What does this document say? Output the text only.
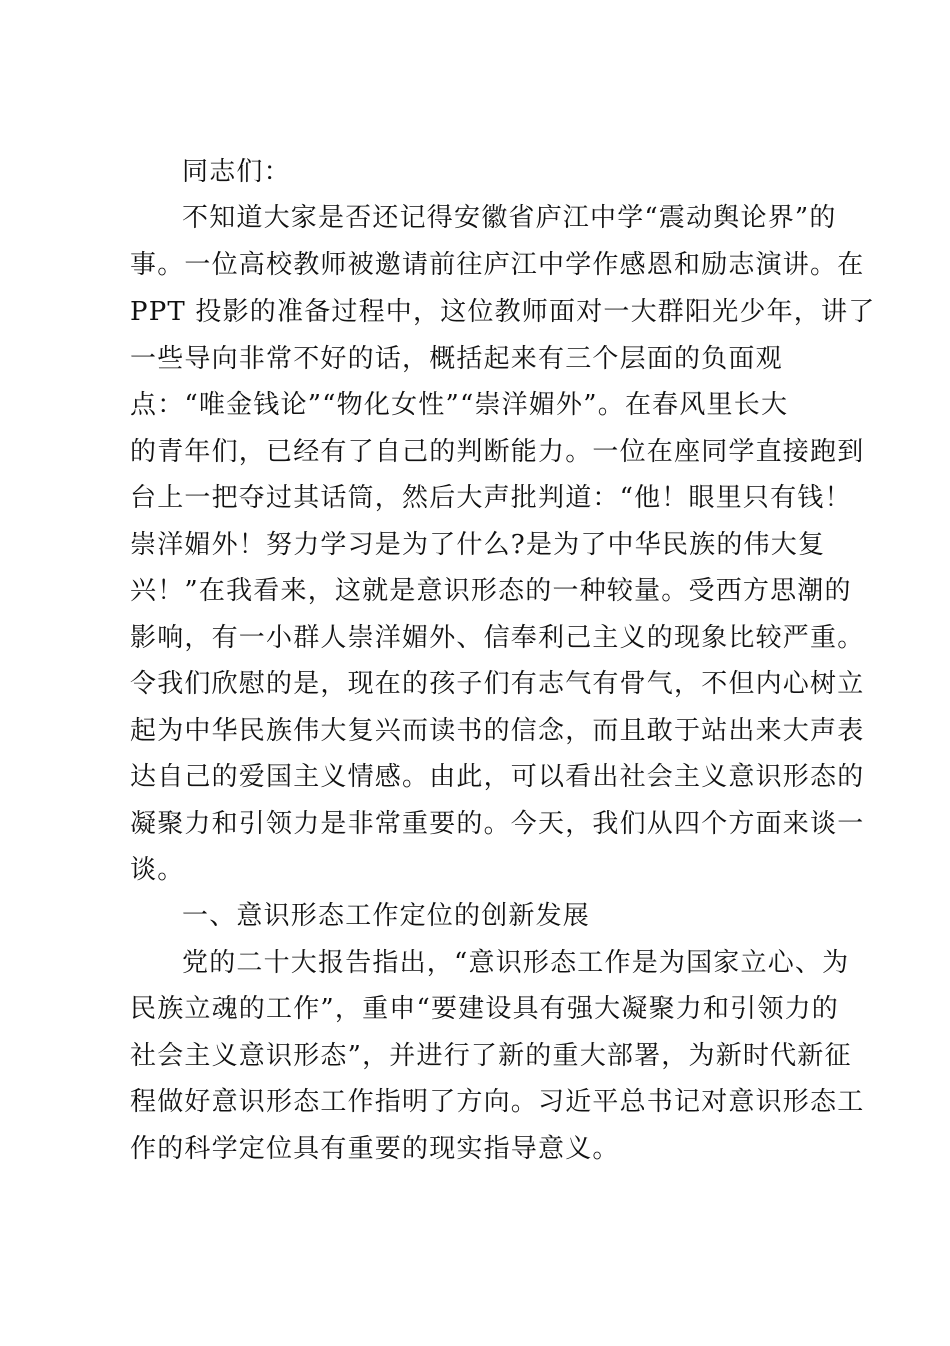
同志们：
不知道大家是否还记得安徽省庐江中学“震动舆论界”的
事。一位高校教师被邀请前往庐江中学作感恩和励志演讲。在
PPT 投影的准备过程中，这位教师面对一大群阳光少年，讲了
一些导向非常不好的话，概括起来有三个层面的负面观
点：“唯金钱论”“物化女性”“崇洋媚外”。在春风里长大
的青年们，已经有了自己的判断能力。一位在座同学直接跑到
台上一把夺过其话筒，然后大声批判道：“他！眼里只有钱！
崇洋媚外！努力学习是为了什么?是为了中华民族的伟大复
兴！”在我看来，这就是意识形态的一种较量。受西方思潮的
影响，有一小群人崇洋媚外、信奉利己主义的现象比较严重。
令我们欣慰的是，现在的孩子们有志气有骨气，不但内心树立
起为中华民族伟大复兴而读书的信念，而且敢于站出来大声表
达自己的爱国主义情感。由此，可以看出社会主义意识形态的
凝聚力和引领力是非常重要的。今天，我们从四个方面来谈一
谈。
一、意识形态工作定位的创新发展
党的二十大报告指出，“意识形态工作是为国家立心、为
民族立魂的工作”，重申“要建设具有强大凝聚力和引领力的
社会主义意识形态”，并进行了新的重大部署，为新时代新征
程做好意识形态工作指明了方向。习近平总书记对意识形态工
作的科学定位具有重要的现实指导意义。
